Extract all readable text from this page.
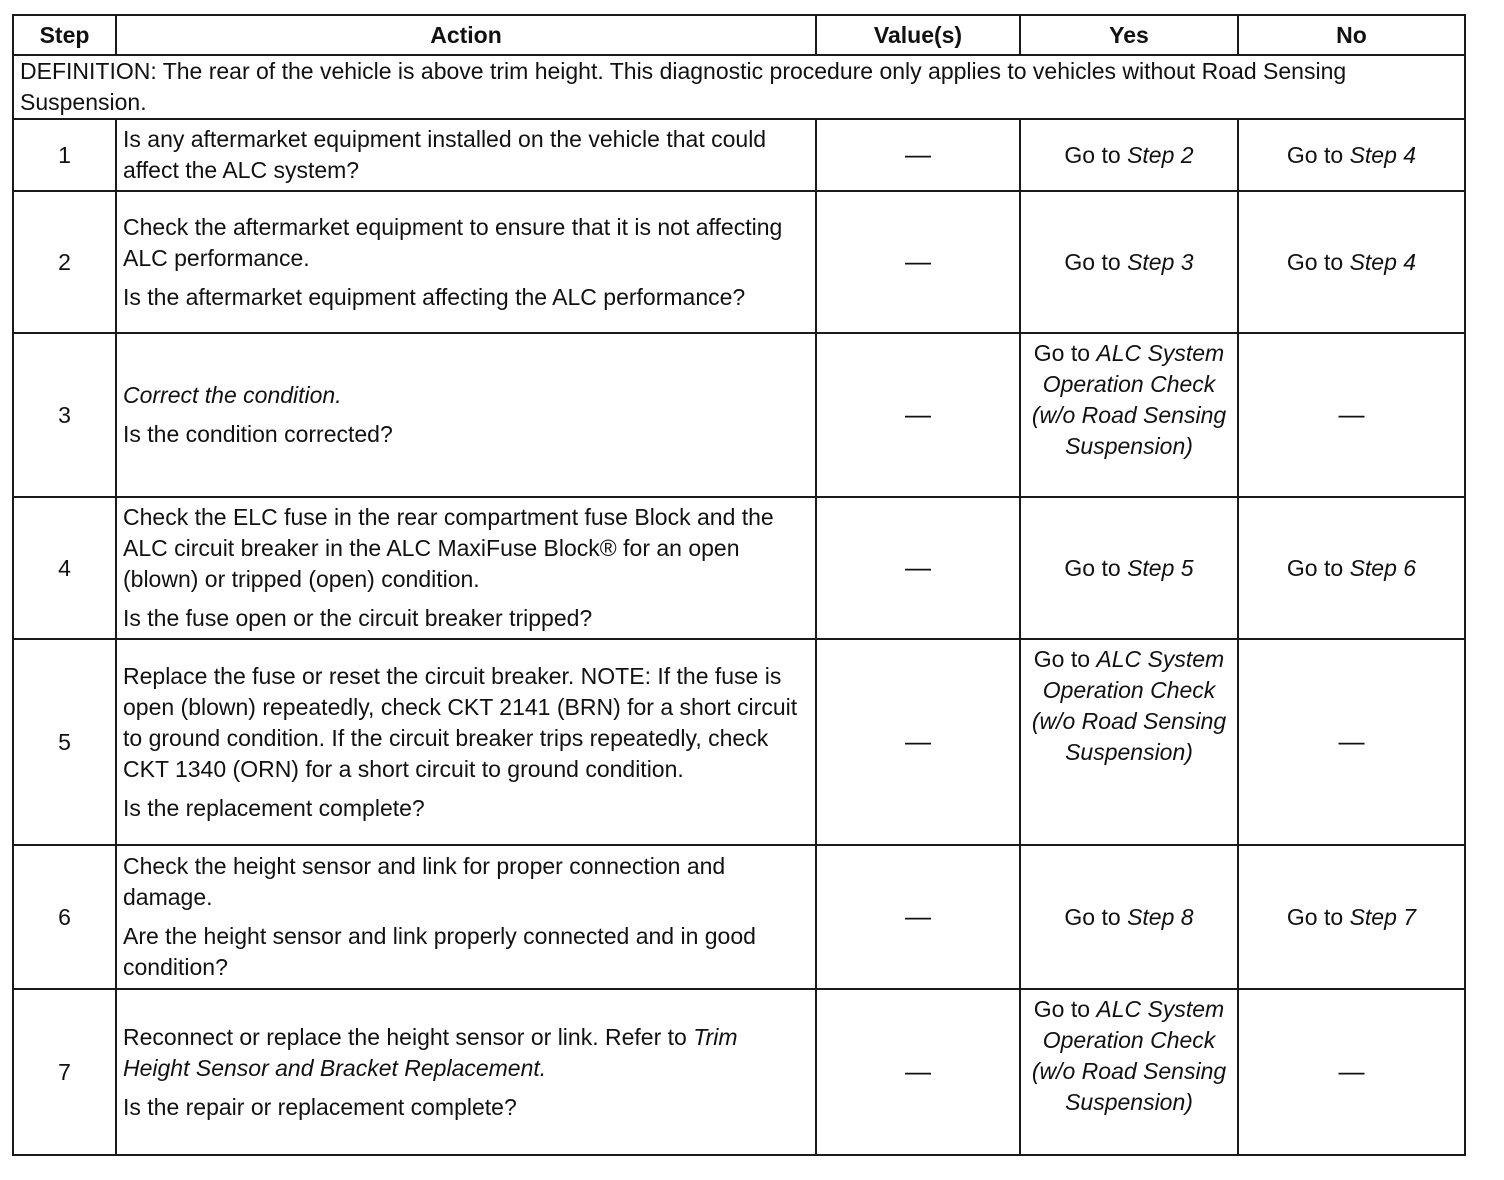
Step	Action	Value(s)	Yes	No
DEFINITION: The rear of the vehicle is above trim height. This diagnostic procedure only applies to vehicles without Road Sensing Suspension.				
1	Is any aftermarket equipment installed on the vehicle that could affect the ALC system?	—	Go to Step 2	Go to Step 4
2	Check the aftermarket equipment to ensure that it is not affecting ALC performance.

Is the aftermarket equipment affecting the ALC performance?	—	Go to Step 3	Go to Step 4
3	Correct the condition.

Is the condition corrected?	—	Go to ALC System Operation Check (w/o Road Sensing Suspension)	—
4	Check the ELC fuse in the rear compartment fuse Block and the ALC circuit breaker in the ALC MaxiFuse Block® for an open (blown) or tripped (open) condition.

Is the fuse open or the circuit breaker tripped?	—	Go to Step 5	Go to Step 6
5	Replace the fuse or reset the circuit breaker. NOTE: If the fuse is open (blown) repeatedly, check CKT 2141 (BRN) for a short circuit to ground condition. If the circuit breaker trips repeatedly, check CKT 1340 (ORN) for a short circuit to ground condition.

Is the replacement complete?	—	Go to ALC System Operation Check (w/o Road Sensing Suspension)	—
6	Check the height sensor and link for proper connection and damage.

Are the height sensor and link properly connected and in good condition?	—	Go to Step 8	Go to Step 7
7	Reconnect or replace the height sensor or link. Refer to Trim Height Sensor and Bracket Replacement.

Is the repair or replacement complete?	—	Go to ALC System Operation Check (w/o Road Sensing Suspension)	—
